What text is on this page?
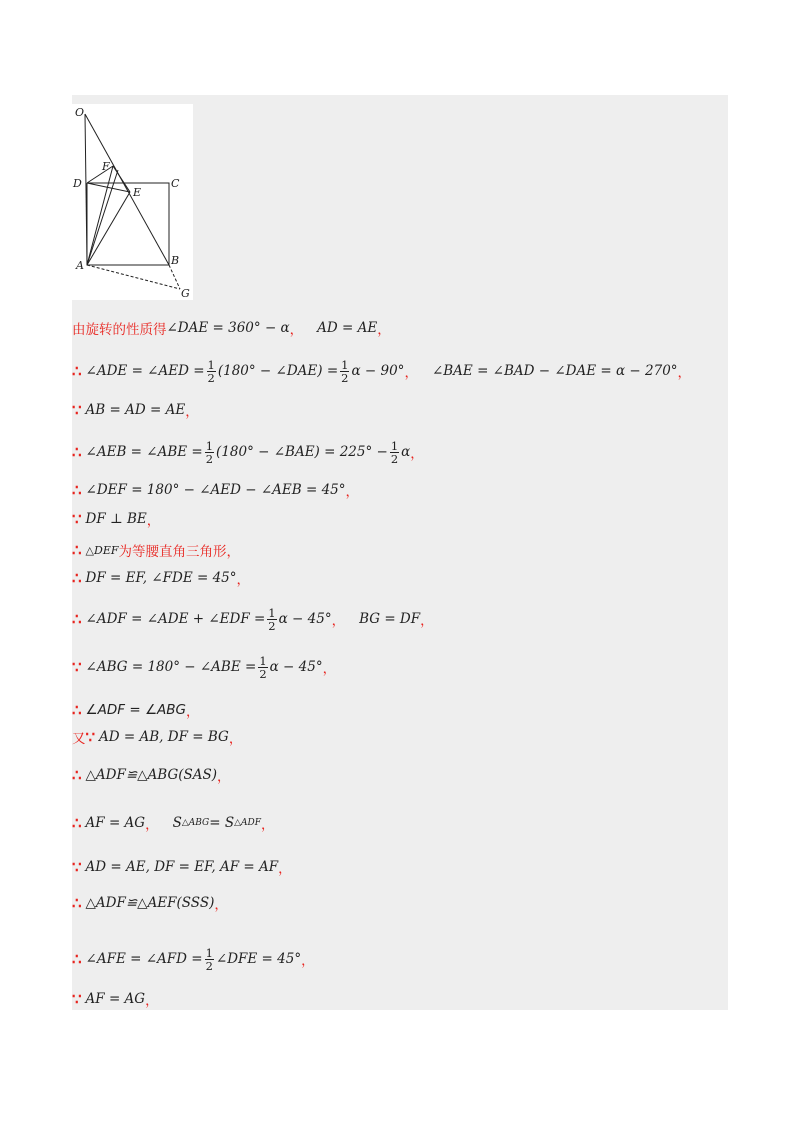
O
D
F
E
C
A	B
G
由旋转的性质得 ∠DAE = 360° − α ， AD = AE ，
∴ ∠ADE = ∠AED = $\frac{1}{2} (180^\circ$ − ∠DAE) = $\frac{1}{2}$ α − 90° ， ∠BAE = ∠BAD − ∠DAE = α − 270° ，
∵ AB = AD = AE ，
∴ ∠AEB = ∠ABE = $\frac{1}{2} (180^\circ$ − ∠BAE) = $225^\circ - \frac{1}{2}$ α ，
∴ ∠DEF = 180° − ∠AED − ∠AEB = 45° ，
∵ DF ⊥ BE ，
∴ △DEF 为等腰直角三角形 ，
∴ DF = EF, ∠FDE = 45° ，
∴ ∠ADF = ∠ADE + ∠EDF = $\frac{1}{2}$ α − 45° ， BG = DF ，
∵ ∠ABG = 180° − ∠ABE = $\frac{1}{2}$ α − 45° ，
∴ ∠ADF = ∠ABG ，
又 ∵ AD = AB, DF = BG ，
∴ △ADF≌△ABG(SAS) ，
∴ AF = AG ， S △ABG = S △ADF ，
∵ AD = AE, DF = EF, AF = AF ，
∴ △ADF≌△AEF(SSS) ，
∴ ∠AFE = ∠AFD = $\frac{1}{2}$ ∠DFE = 45° ，
∵ AF = AG ，
